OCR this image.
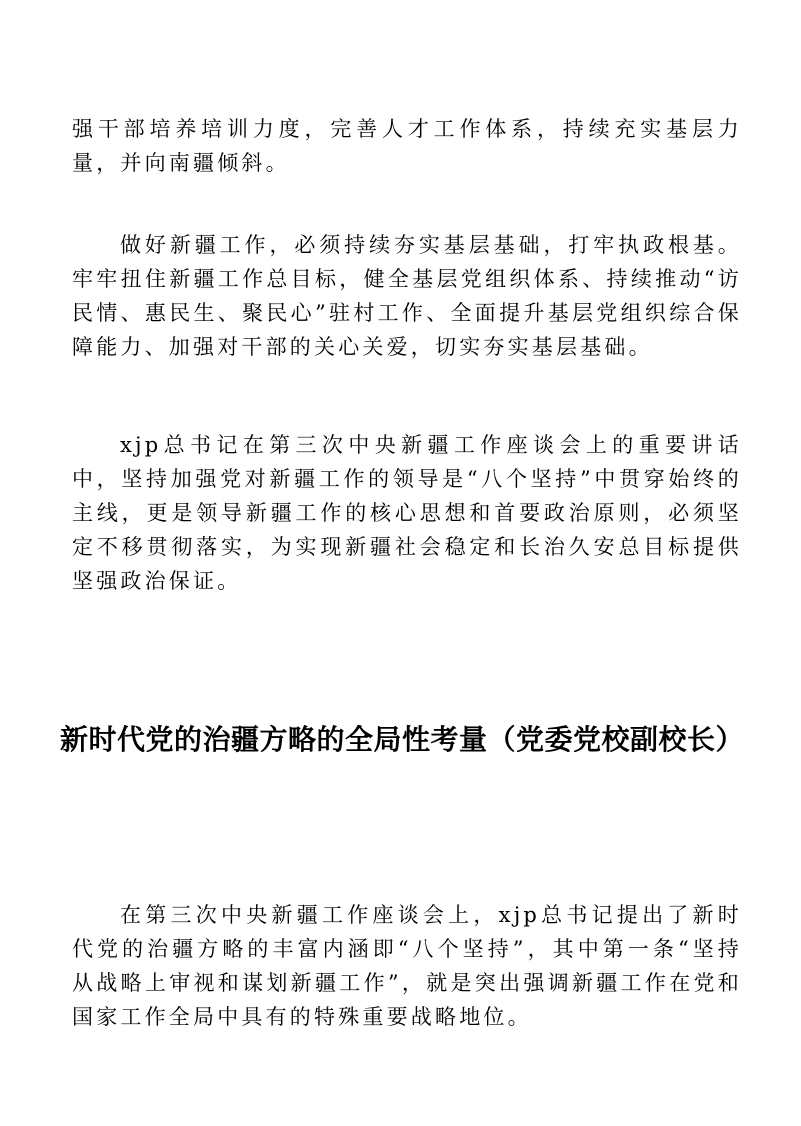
强干部培养培训力度，完善人才工作体系，持续充实基层力量，并向南疆倾斜。

做好新疆工作，必须持续夯实基层基础，打牢执政根基。牢牢扭住新疆工作总目标，健全基层党组织体系、持续推动“访民情、惠民生、聚民心”驻村工作、全面提升基层党组织综合保障能力、加强对干部的关心关爱，切实夯实基层基础。

xjp总书记在第三次中央新疆工作座谈会上的重要讲话中，坚持加强党对新疆工作的领导是“八个坚持”中贯穿始终的主线，更是领导新疆工作的核心思想和首要政治原则，必须坚定不移贯彻落实，为实现新疆社会稳定和长治久安总目标提供坚强政治保证。

新时代党的治疆方略的全局性考量（党委党校副校长）

在第三次中央新疆工作座谈会上，xjp总书记提出了新时代党的治疆方略的丰富内涵即“八个坚持”，其中第一条“坚持从战略上审视和谋划新疆工作”，就是突出强调新疆工作在党和国家工作全局中具有的特殊重要战略地位。
